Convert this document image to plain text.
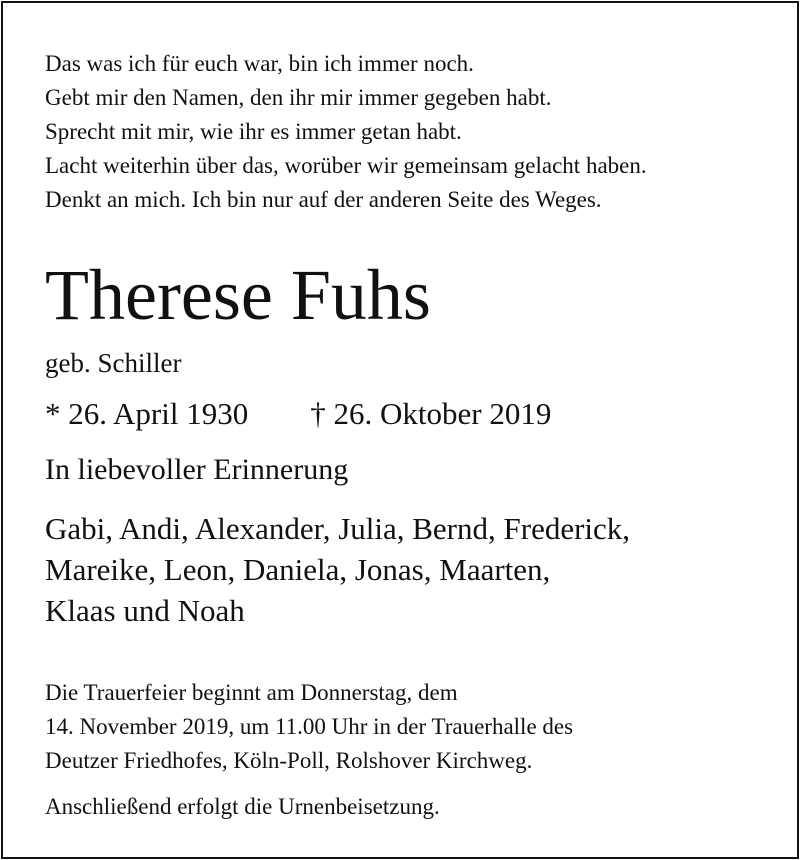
Das was ich für euch war, bin ich immer noch.
Gebt mir den Namen, den ihr mir immer gegeben habt.
Sprecht mit mir, wie ihr es immer getan habt.
Lacht weiterhin über das, worüber wir gemeinsam gelacht haben.
Denkt an mich. Ich bin nur auf der anderen Seite des Weges.
Therese Fuhs
geb. Schiller
* 26. April 1930 † 26. Oktober 2019
In liebevoller Erinnerung
Gabi, Andi, Alexander, Julia, Bernd, Frederick,
Mareike, Leon, Daniela, Jonas, Maarten,
Klaas und Noah
Die Trauerfeier beginnt am Donnerstag, dem
14. November 2019, um 11.00 Uhr in der Trauerhalle des
Deutzer Friedhofes, Köln-Poll, Rolshover Kirchweg.
Anschließend erfolgt die Urnenbeisetzung.
